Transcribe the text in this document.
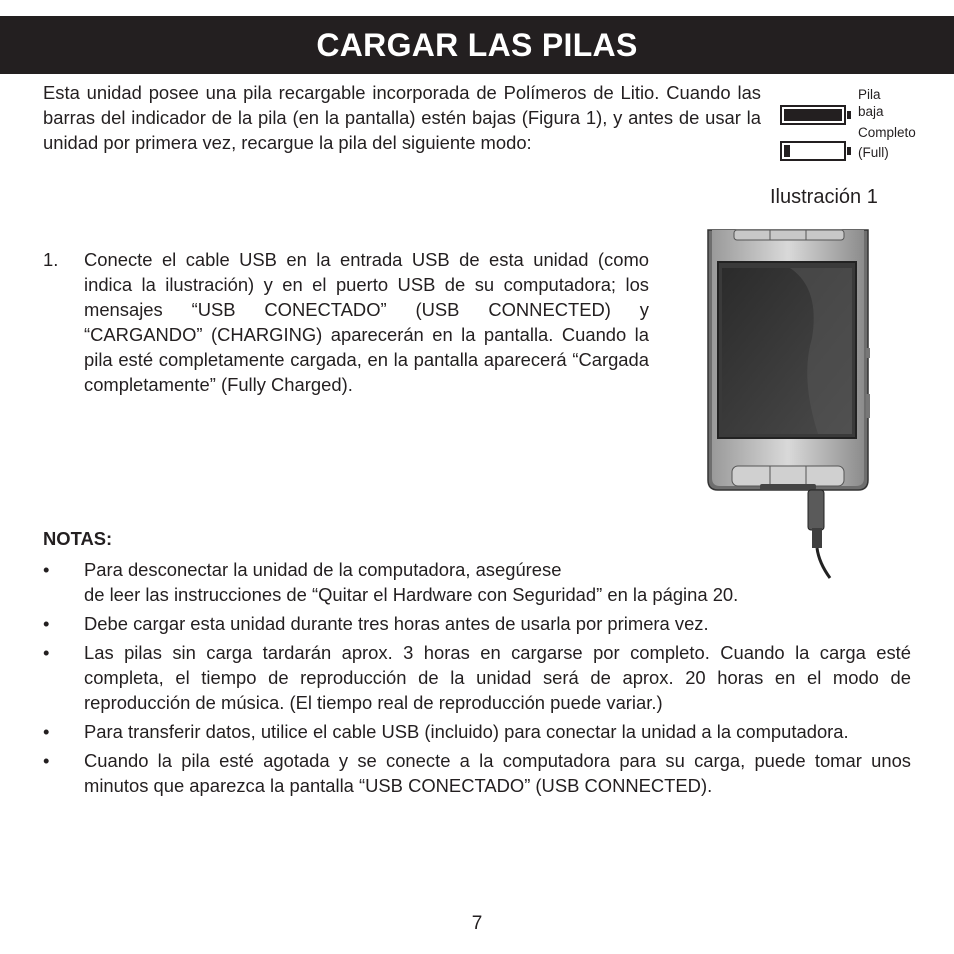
CARGAR LAS PILAS

Esta unidad posee una pila recargable incorporada de Polímeros de Litio. Cuando las barras del indicador de la pila (en la pantalla) estén bajas (Figura 1), y antes de usar la unidad por primera vez, recargue la pila del siguiente modo:

Pila
baja
Completo
(Full)
Ilustración 1
1. Conecte el cable USB en la entrada USB de esta unidad (como indica la ilustración) y en el puerto USB de su computadora; los mensajes “USB CONECTADO” (USB CONNECTED) y “CARGANDO” (CHARGING) aparecerán en la pantalla. Cuando la pila esté completamente cargada, en la pantalla aparecerá “Cargada completamente” (Fully Charged).
NOTAS:
• Para desconectar la unidad de la computadora, asegúrese
de leer las instrucciones de “Quitar el Hardware con Seguridad” en la página 20.
• Debe cargar esta unidad durante tres horas antes de usarla por primera vez.
• Las pilas sin carga tardarán aprox. 3 horas en cargarse por completo. Cuando la carga esté completa, el tiempo de reproducción de la unidad será de aprox. 20 horas en el modo de reproducción de música. (El tiempo real de reproducción puede variar.)
• Para transferir datos, utilice el cable USB (incluido) para conectar la unidad a la computadora.
• Cuando la pila esté agotada y se conecte a la computadora para su carga, puede tomar unos minutos que aparezca la pantalla “USB CONECTADO” (USB CONNECTED).
7
